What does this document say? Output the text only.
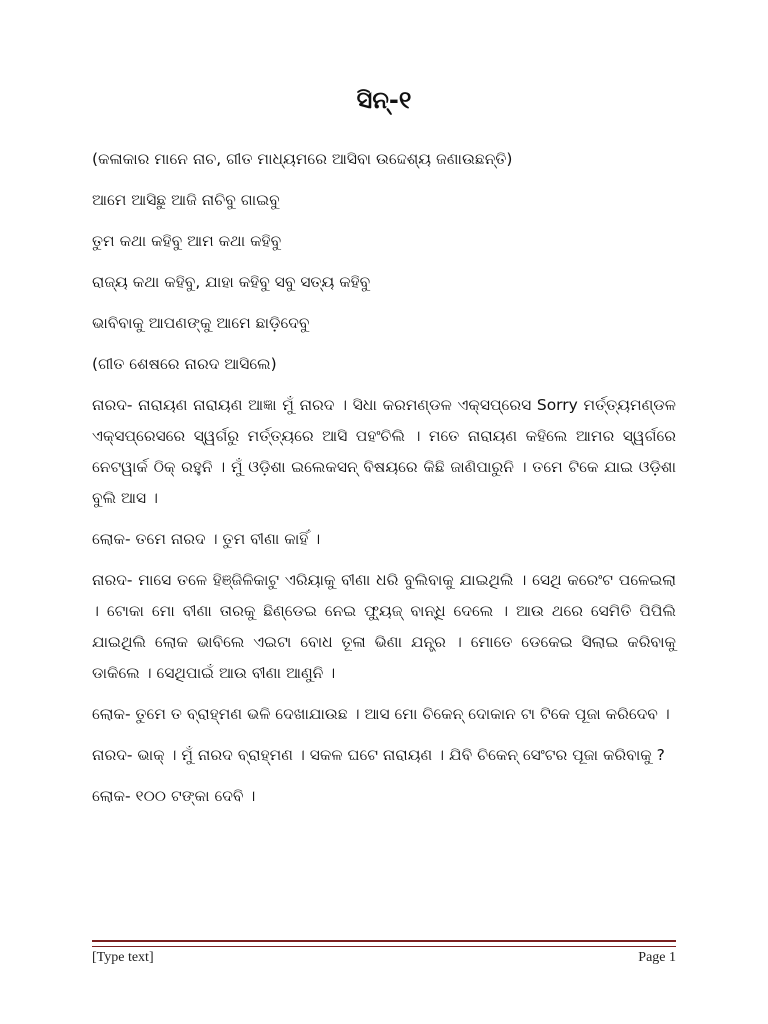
ସିନ୍-୧

(କଳାକାର ମାନେ ନାଚ, ଗୀତ ମାଧ୍ୟମରେ ଆସିବା ଉଦ୍ଦେଶ୍ୟ ଜଣାଉଛନ୍ତି)

ଆମେ ଆସିଛୁ ଆଜି ନାଚିବୁ ଗାଇବୁ

ତୁମ କଥା କହିବୁ ଆମ କଥା କହିବୁ

ରାଜ୍ୟ କଥା କହିବୁ, ଯାହା କହିବୁ ସବୁ ସତ୍ୟ କହିବୁ

ଭାବିବାକୁ ଆପଣଙ୍କୁ ଆମେ ଛାଡ଼ିଦେବୁ

(ଗୀତ ଶେଷରେ ନାରଦ ଆସିଲେ)

ନାରଦ- ନାରାୟଣ ନାରାୟଣ ଆଜ୍ଞା ମୁଁ ନାରଦ । ସିଧା କରମଣ୍ଡଳ ଏକ୍ସପ୍ରେସ Sorry ମର୍ତ୍ତ୍ୟମଣ୍ଡଳ ଏକ୍ସପ୍ରେସରେ ସ୍ୱର୍ଗରୁ ମର୍ତ୍ତ୍ୟରେ ଆସି ପହଂଚିଲି । ମତେ ନାରାୟଣ କହିଲେ ଆମର ସ୍ୱର୍ଗରେ ନେଟୱାର୍କ ଠିକ୍ ରହୁନି । ମୁଁ ଓଡ଼ିଶା ଇଲେକସନ୍ ବିଷୟରେ କିଛି ଜାଣିପାରୁନି । ତମେ ଟିକେ ଯାଇ ଓଡ଼ିଶା ବୁଲି ଆସ ।

ଲୋକ- ତମେ ନାରଦ । ତୁମ ବୀଣା କାହିଁ ।

ନାରଦ- ମାସେ ତଳେ ହିଞ୍ଜିଳିକାଟୁ ଏରିୟାକୁ ବୀଣା ଧରି ବୁଲିବାକୁ ଯାଇଥିଲି । ସେଥି କରେଂଟ ପଳେଇଲା । ଟୋକା ମୋ ବୀଣା ତାରକୁ ଛିଣ୍ଡେଇ ନେଇ ଫ୍ୟୁଜ୍ ବାନ୍ଧି ଦେଲେ । ଆଉ ଥରେ ସେମିତି ପିପିଲି ଯାଇଥିଲି ଲୋକ ଭାବିଲେ ଏଇଟା ବୋଧ ତୂଳା ଭିଣା ଯନ୍ତ୍ର । ମୋତେ ଡେକେଇ ସିଲାଇ କରିବାକୁ ଡାକିଲେ । ସେଥିପାଇଁ ଆଉ ବୀଣା ଆଣୁନି ।

ଲୋକ- ତୁମେ ତ ବ୍ରାହ୍ମଣ ଭଳି ଦେଖାଯାଉଛ । ଆସ ମୋ ଚିକେନ୍ ଦୋକାନ ଟା ଟିକେ ପୂଜା କରିଦେବ ।

ନାରଦ- ଭାକ୍ । ମୁଁ ନାରଦ ବ୍ରାହ୍ମଣ । ସକଳ ଘଟେ ନାରାୟଣ । ଯିବି ଚିକେନ୍ ସେଂଟର ପୂଜା କରିବାକୁ ?

ଲୋକ- ୧୦୦ ଟଙ୍କା ଦେବି ।

[Type text]	Page 1
